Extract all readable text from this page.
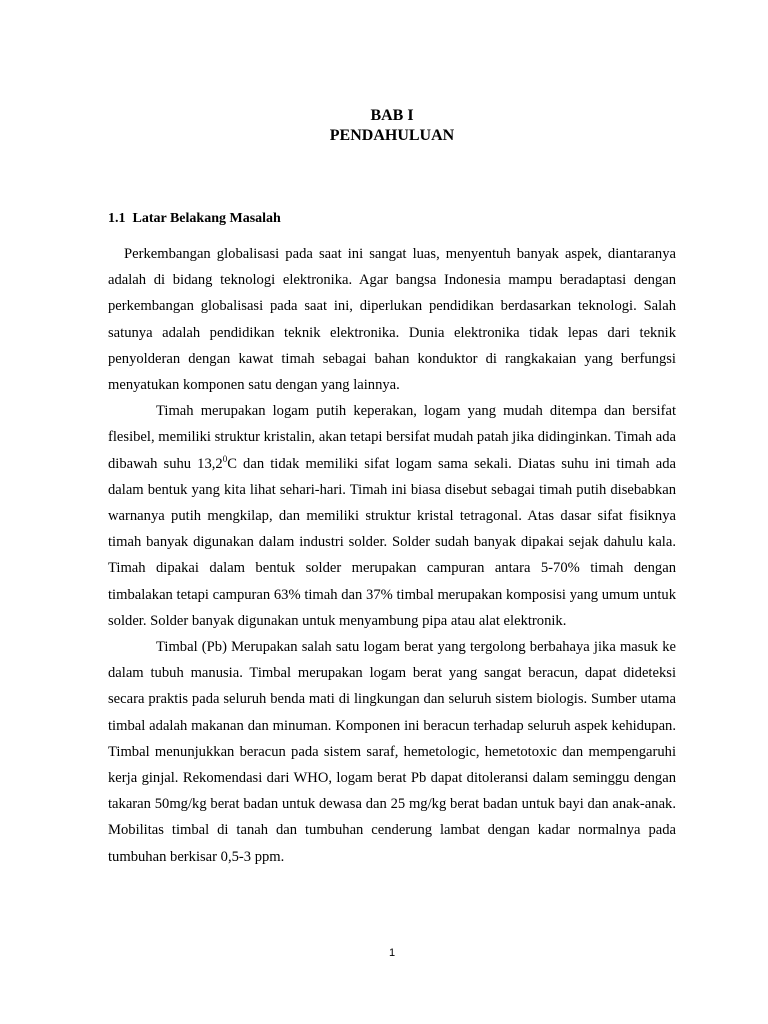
BAB I
PENDAHULUAN
1.1  Latar Belakang Masalah

Perkembangan globalisasi pada saat ini sangat luas, menyentuh banyak aspek, diantaranya adalah di bidang teknologi elektronika. Agar bangsa Indonesia mampu beradaptasi dengan perkembangan globalisasi pada saat ini, diperlukan pendidikan berdasarkan teknologi. Salah satunya adalah pendidikan teknik elektronika. Dunia elektronika tidak lepas dari teknik penyolderan dengan kawat timah sebagai bahan konduktor di rangkakaian yang berfungsi menyatukan komponen satu dengan yang lainnya.

Timah merupakan logam putih keperakan, logam yang mudah ditempa dan bersifat flesibel, memiliki struktur kristalin, akan tetapi bersifat mudah patah jika didinginkan. Timah ada dibawah suhu 13,2$^0$C dan tidak memiliki sifat logam sama sekali. Diatas suhu ini timah ada dalam bentuk yang kita lihat sehari-hari. Timah ini biasa disebut sebagai timah putih disebabkan warnanya putih mengkilap, dan memiliki struktur kristal tetragonal. Atas dasar sifat fisiknya timah banyak digunakan dalam industri solder. Solder sudah banyak dipakai sejak dahulu kala. Timah dipakai dalam bentuk solder merupakan campuran antara 5-70% timah dengan timbalakan tetapi campuran 63% timah dan 37% timbal merupakan komposisi yang umum untuk solder. Solder banyak digunakan untuk menyambung pipa atau alat elektronik.

Timbal (Pb) Merupakan salah satu logam berat yang tergolong berbahaya jika masuk ke dalam tubuh manusia. Timbal merupakan logam berat yang sangat beracun, dapat dideteksi secara praktis pada seluruh benda mati di lingkungan dan seluruh sistem biologis. Sumber utama timbal adalah makanan dan minuman. Komponen ini beracun terhadap seluruh aspek kehidupan. Timbal menunjukkan beracun pada sistem saraf, hemetologic, hemetotoxic dan mempengaruhi kerja ginjal. Rekomendasi dari WHO, logam berat Pb dapat ditoleransi dalam seminggu dengan takaran 50mg/kg berat badan untuk dewasa dan 25 mg/kg berat badan untuk bayi dan anak-anak. Mobilitas timbal di tanah dan tumbuhan cenderung lambat dengan kadar normalnya pada tumbuhan berkisar 0,5-3 ppm.

1
